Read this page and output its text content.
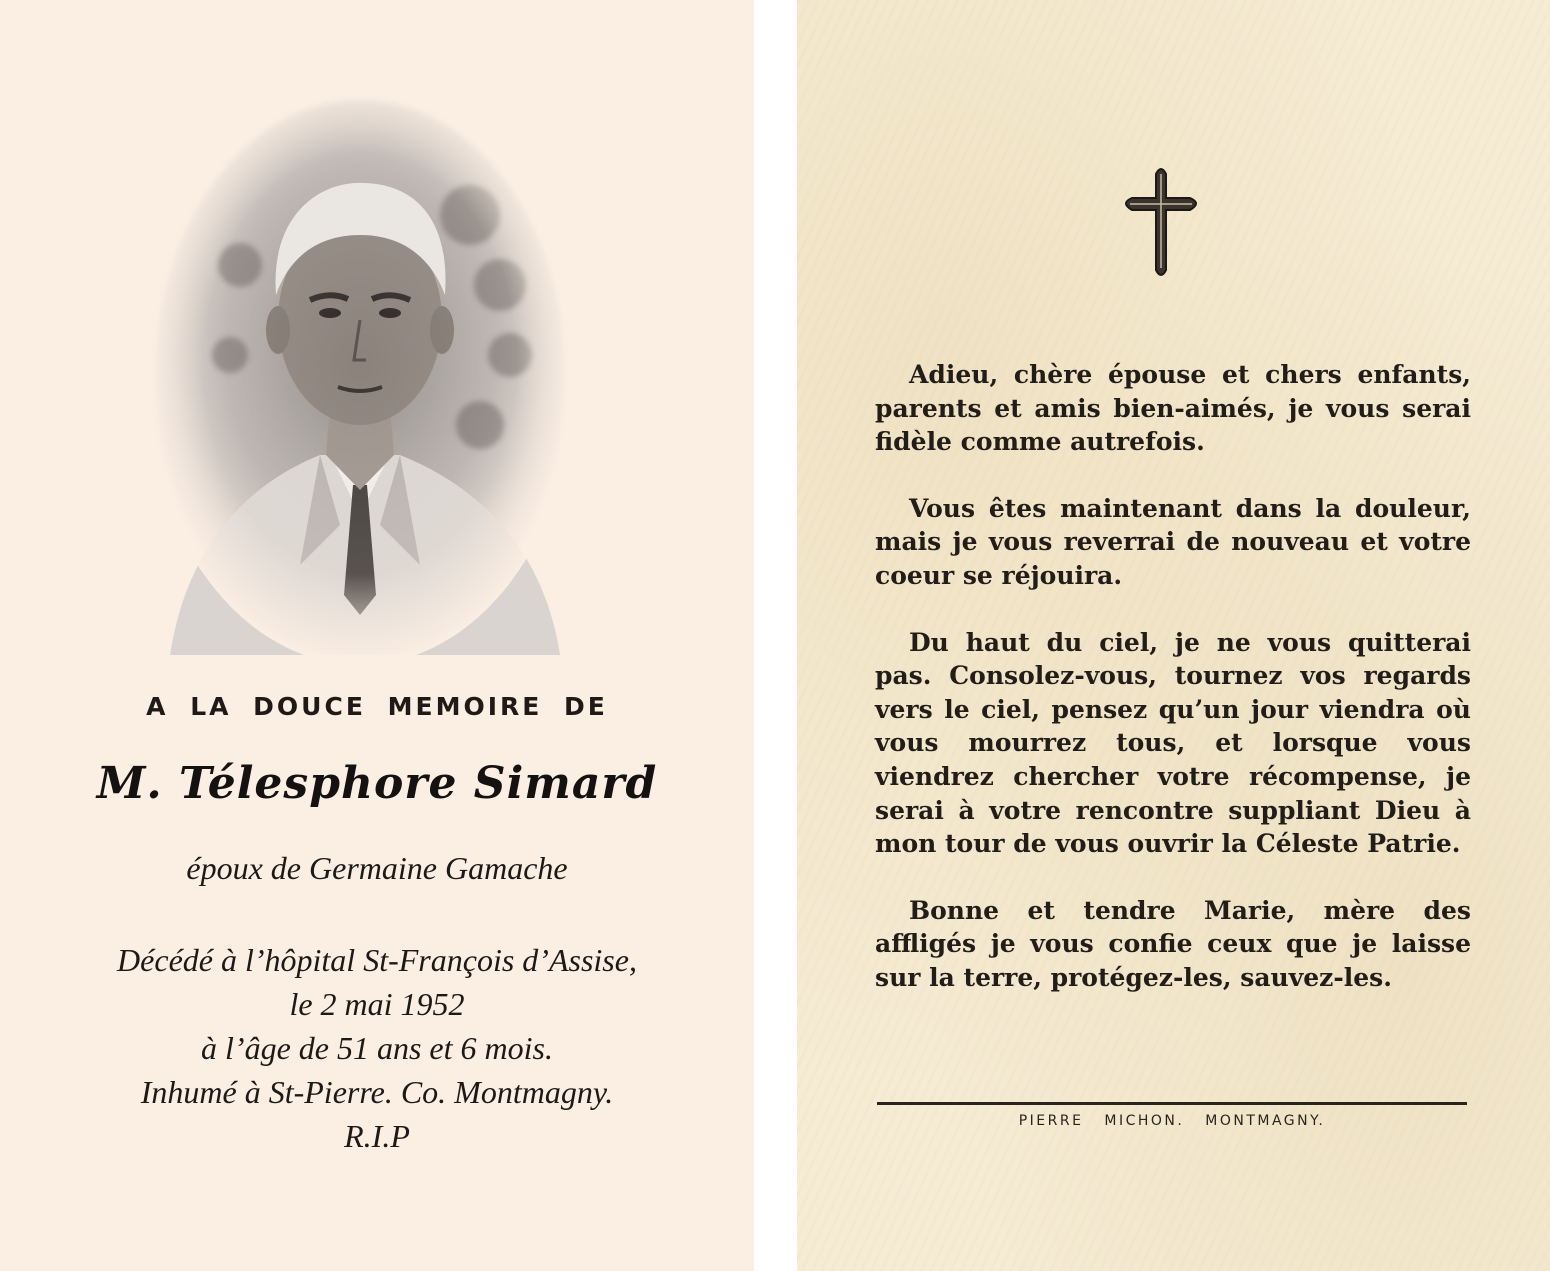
A LA DOUCE MEMOIRE DE
M. Télesphore Simard
époux de Germaine Gamache
Décédé à l’hôpital St-François d’Assise,
le 2 mai 1952
à l’âge de 51 ans et 6 mois.
Inhumé à St-Pierre. Co. Montmagny.
R.I.P

Adieu, chère épouse et chers enfants, parents et amis bien-aimés, je vous serai fidèle comme autrefois.

Vous êtes maintenant dans la douleur, mais je vous reverrai de nouveau et votre coeur se réjouira.

Du haut du ciel, je ne vous quitterai pas. Consolez-vous, tournez vos regards vers le ciel, pensez qu’un jour viendra où vous mourrez tous, et lorsque vous viendrez chercher votre récompense, je serai à votre rencontre suppliant Dieu à mon tour de vous ouvrir la Céleste Patrie.

Bonne et tendre Marie, mère des affligés je vous confie ceux que je laisse sur la terre, protégez-les, sauvez-les.

PIERRE MICHON. MONTMAGNY.
